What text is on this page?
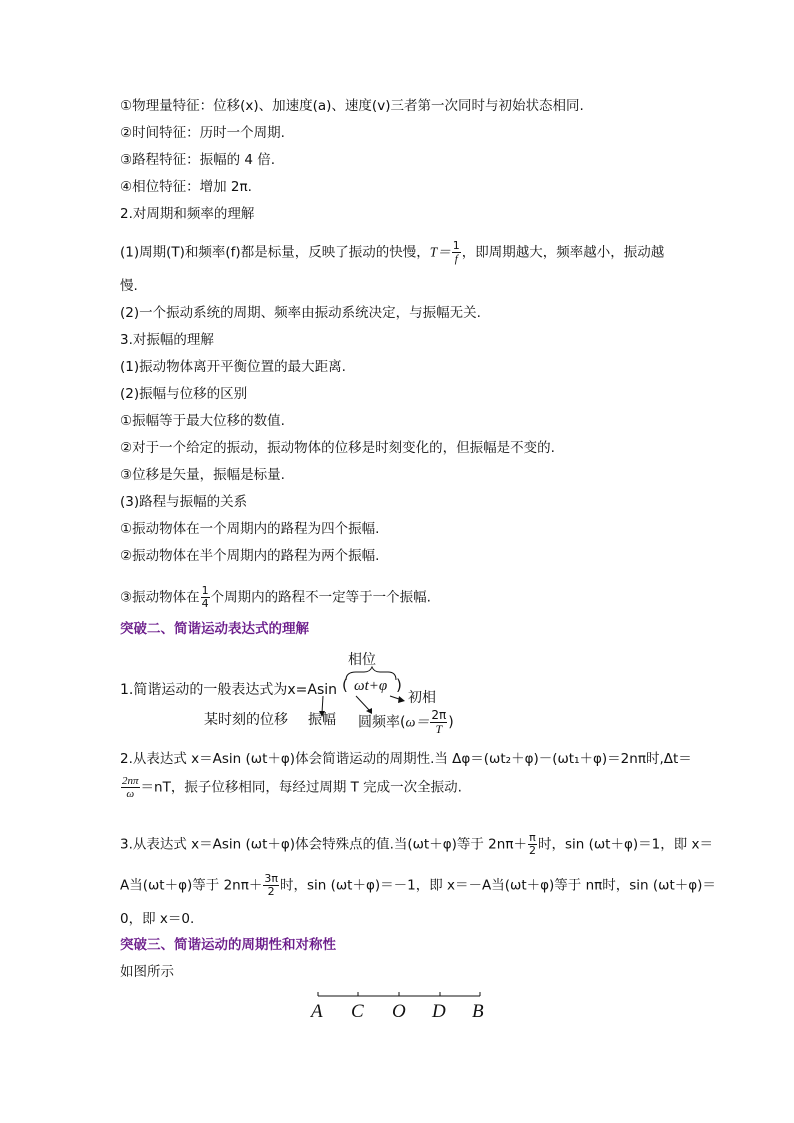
①物理量特征：位移(x)、加速度(a)、速度(v)三者第一次同时与初始状态相同.
②时间特征：历时一个周期.
③路程特征：振幅的 4 倍.
④相位特征：增加 2π.
2.对周期和频率的理解
(1)周期(T)和频率(f)都是标量，反映了振动的快慢，$T= \frac{1}{f}$ ，即周期越大，频率越小，振动越
慢.
(2)一个振动系统的周期、频率由振动系统决定，与振幅无关.
3.对振幅的理解
(1)振动物体离开平衡位置的最大距离.
(2)振幅与位移的区别
①振幅等于最大位移的数值.
②对于一个给定的振动，振动物体的位移是时刻变化的，但振幅是不变的.
③位移是矢量，振幅是标量.
(3)路程与振幅的关系
①振动物体在一个周期内的路程为四个振幅.
②振动物体在半个周期内的路程为两个振幅.
③振动物体在 $\frac{1}{4}$ 个周期内的路程不一定等于一个振幅.
突破二、简谐运动表达式的理解
相位
1.简谐运动的一般表达式为x=Asin ( ωt+φ )
初相
某时刻的位移 振幅 圆频率($\omega= \frac{2\pi}{T}$ )
2.从表达式 x＝Asin (ωt＋φ)体会简谐运动的周期性.当 Δφ＝(ωt₂＋φ)－(ωt₁＋φ)＝2nπ时,Δt＝
$\frac{2n\pi}{\omega} =nT$，振子位移相同，每经过周期 T 完成一次全振动.
3.从表达式 x＝Asin (ωt＋φ)体会特殊点的值.当(ωt＋φ)等于 $2n\pi+ \frac{\pi}{2}$ 时，sin (ωt＋φ)＝1，即 x＝
A当(ωt＋φ)等于 $2n\pi+ \frac{3\pi}{2}$ 时，sin (ωt＋φ)＝－1，即 x＝－A当(ωt＋φ)等于 nπ时，sin (ωt＋φ)＝
0，即 x＝0.
突破三、简谐运动的周期性和对称性
如图所示
A C O D B
